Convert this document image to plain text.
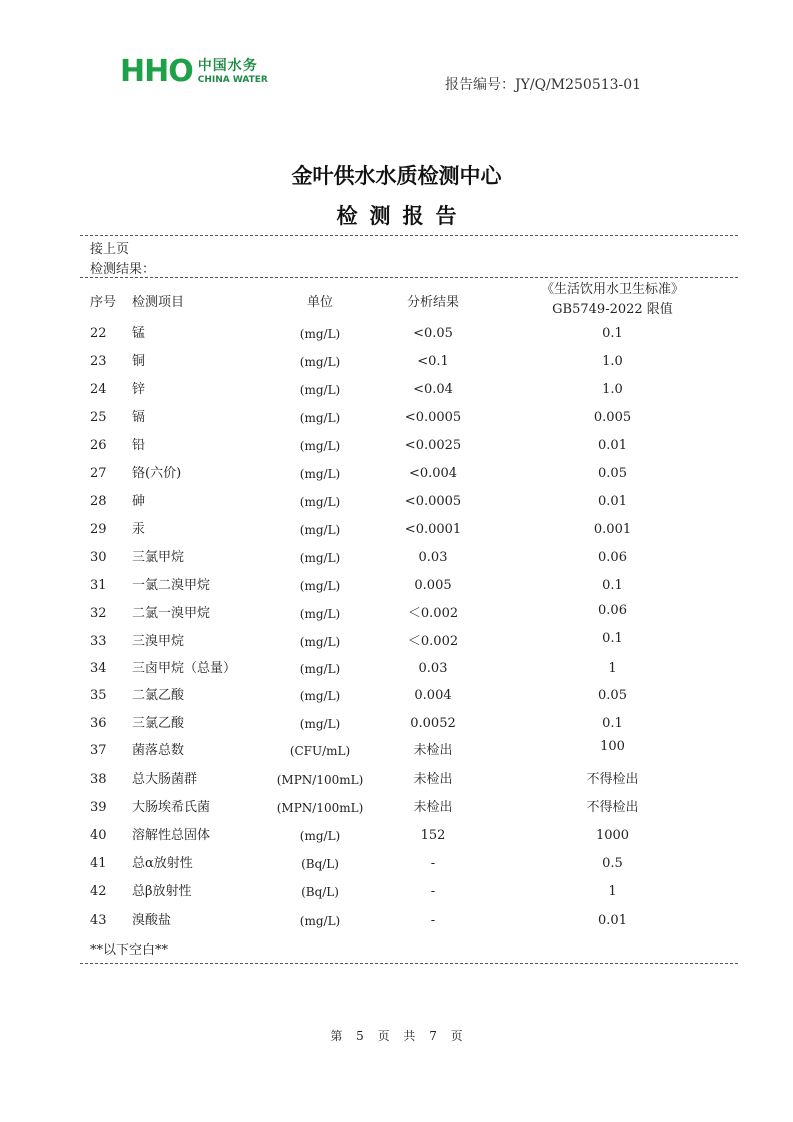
HHO 中国水务
CHINA WATER	报告编号：JY/Q/M250513-01
金叶供水水质检测中心
检测报告
接上页
检测结果：
序号 检测项目	单位	分析结果
《生活饮用水卫生标准》
GB5749-2022 限值
22 锰	(mg/L)	<0.05	0.1
23 铜	(mg/L)	<0.1	1.0
24 锌	(mg/L)	<0.04	1.0
25 镉	(mg/L)	<0.0005	0.005
26 铅	(mg/L)	<0.0025	0.01
27 铬(六价)	(mg/L)	<0.004	0.05
28 砷	(mg/L)	<0.0005	0.01
29 汞	(mg/L)	<0.0001	0.001
30 三氯甲烷	(mg/L)	0.03	0.06
31 一氯二溴甲烷	(mg/L)	0.005	0.1
32 二氯一溴甲烷	(mg/L)	＜0.002	0.06
33 三溴甲烷	(mg/L)	＜0.002	0.1
34 三卤甲烷（总量）	(mg/L)	0.03	1
35 二氯乙酸	(mg/L)	0.004	0.05
36 三氯乙酸	(mg/L)	0.0052	0.1
37 菌落总数	(CFU/mL)	未检出	100
38 总大肠菌群	(MPN/100mL)	未检出	不得检出
39 大肠埃希氏菌	(MPN/100mL)	未检出	不得检出
40 溶解性总固体	(mg/L)	152	1000
41 总α放射性	(Bq/L)	-	0.5
42 总β放射性	(Bq/L)	-	1
43 溴酸盐	(mg/L)	-	0.01
**以下空白**
第 5 页 共 7 页
